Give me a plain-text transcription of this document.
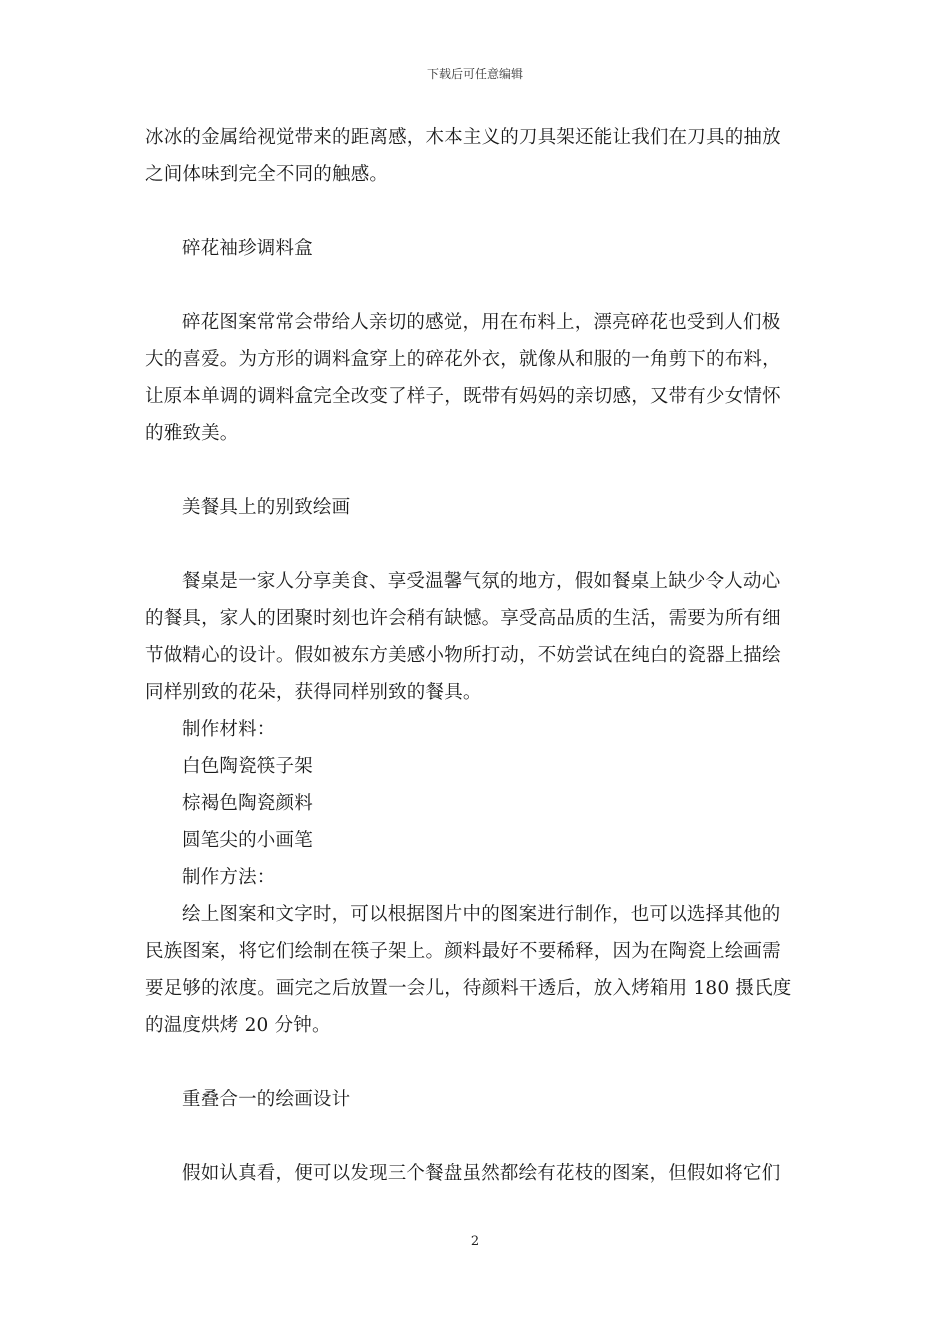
下载后可任意编辑
冰冰的金属给视觉带来的距离感，木本主义的刀具架还能让我们在刀具的抽放
之间体味到完全不同的触感。
碎花袖珍调料盒
碎花图案常常会带给人亲切的感觉，用在布料上，漂亮碎花也受到人们极
大的喜爱。为方形的调料盒穿上的碎花外衣，就像从和服的一角剪下的布料，
让原本单调的调料盒完全改变了样子，既带有妈妈的亲切感，又带有少女情怀
的雅致美。
美餐具上的别致绘画
餐桌是一家人分享美食、享受温馨气氛的地方，假如餐桌上缺少令人动心
的餐具，家人的团聚时刻也许会稍有缺憾。享受高品质的生活，需要为所有细
节做精心的设计。假如被东方美感小物所打动，不妨尝试在纯白的瓷器上描绘
同样别致的花朵，获得同样别致的餐具。
制作材料：
白色陶瓷筷子架
棕褐色陶瓷颜料
圆笔尖的小画笔
制作方法：
绘上图案和文字时，可以根据图片中的图案进行制作，也可以选择其他的
民族图案，将它们绘制在筷子架上。颜料最好不要稀释，因为在陶瓷上绘画需
要足够的浓度。画完之后放置一会儿，待颜料干透后，放入烤箱用 180 摄氏度
的温度烘烤 20 分钟。
重叠合一的绘画设计
假如认真看，便可以发现三个餐盘虽然都绘有花枝的图案，但假如将它们
2
